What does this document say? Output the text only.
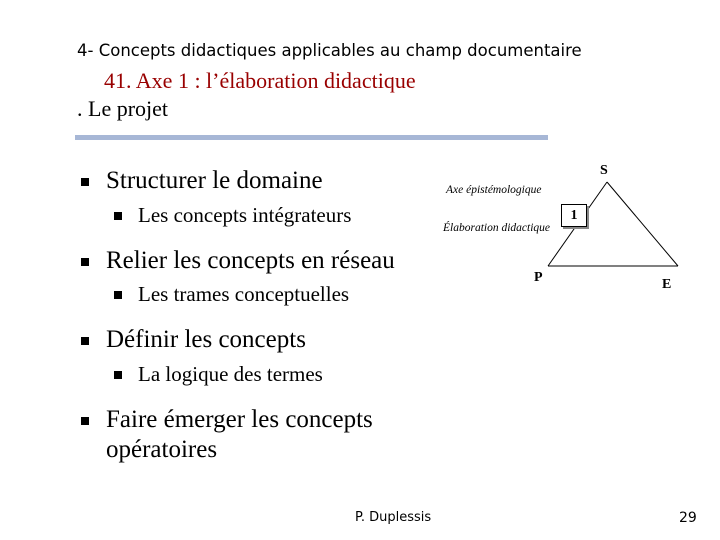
4- Concepts didactiques applicables au champ documentaire
41. Axe 1 : l’élaboration didactique
. Le projet
Structurer le domaine
Les concepts intégrateurs
Relier les concepts en réseau
Les trames conceptuelles
Définir les concepts
La logique des termes
Faire émerger les concepts
opératoires
S
Axe épistémologique
Élaboration didactique
1
P	E
P. Duplessis	29
